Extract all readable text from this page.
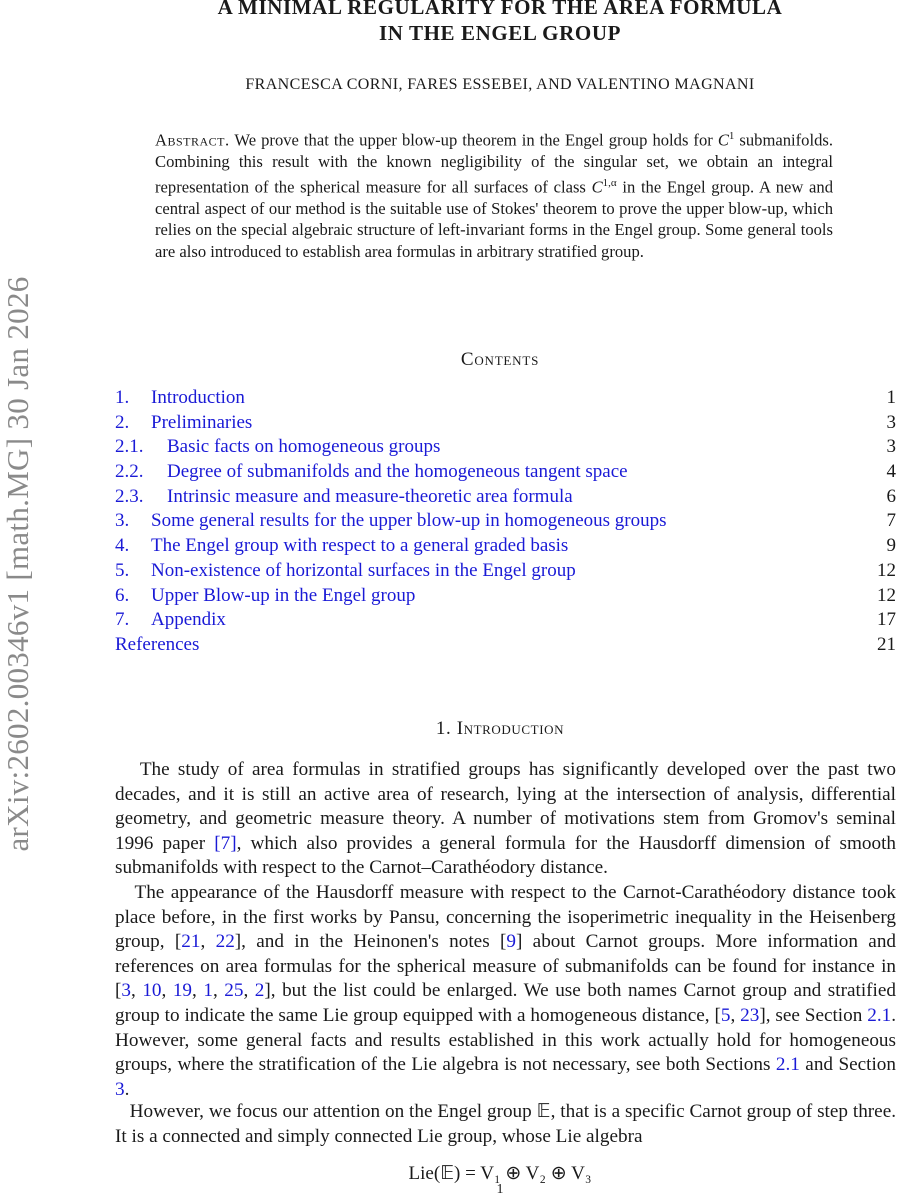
arXiv:2602.00346v1 [math.MG] 30 Jan 2026
A MINIMAL REGULARITY FOR THE AREA FORMULA
IN THE ENGEL GROUP
FRANCESCA CORNI, FARES ESSEBEI, AND VALENTINO MAGNANI
Abstract. We prove that the upper blow-up theorem in the Engel group holds for $C^1$ submanifolds. Combining this result with the known negligibility of the singular set, we obtain an integral representation of the spherical measure for all surfaces of class $C^{1,\alpha}$ in the Engel group. A new and central aspect of our method is the suitable use of Stokes' theorem to prove the upper blow-up, which relies on the special algebraic structure of left-invariant forms in the Engel group. Some general tools are also introduced to establish area formulas in arbitrary stratified group.
Contents
1. Introduction	1
2. Preliminaries	3
2.1. Basic facts on homogeneous groups	3
2.2. Degree of submanifolds and the homogeneous tangent space	4
2.3. Intrinsic measure and measure-theoretic area formula	6
3. Some general results for the upper blow-up in homogeneous groups	7
4. The Engel group with respect to a general graded basis	9
5. Non-existence of horizontal surfaces in the Engel group	12
6. Upper Blow-up in the Engel group	12
7. Appendix	17
References	21
1. Introduction

The study of area formulas in stratified groups has significantly developed over the past two decades, and it is still an active area of research, lying at the intersection of analysis, differential geometry, and geometric measure theory. A number of motivations stem from Gromov's seminal 1996 paper [7], which also provides a general formula for the Hausdorff dimension of smooth submanifolds with respect to the Carnot–Carathéodory distance.

The appearance of the Hausdorff measure with respect to the Carnot-Carathéodory distance took place before, in the first works by Pansu, concerning the isoperimetric inequality in the Heisenberg group, [21, 22], and in the Heinonen's notes [9] about Carnot groups. More information and references on area formulas for the spherical measure of submanifolds can be found for instance in [3, 10, 19, 1, 25, 2], but the list could be enlarged. We use both names Carnot group and stratified group to indicate the same Lie group equipped with a homogeneous distance, [5, 23], see Section 2.1. However, some general facts and results established in this work actually hold for homogeneous groups, where the stratification of the Lie algebra is not necessary, see both Sections 2.1 and Section 3.

However, we focus our attention on the Engel group 𝔼, that is a specific Carnot group of step three. It is a connected and simply connected Lie group, whose Lie algebra

Lie(𝔼) = V₁ ⊕ V₂ ⊕ V₃
1
